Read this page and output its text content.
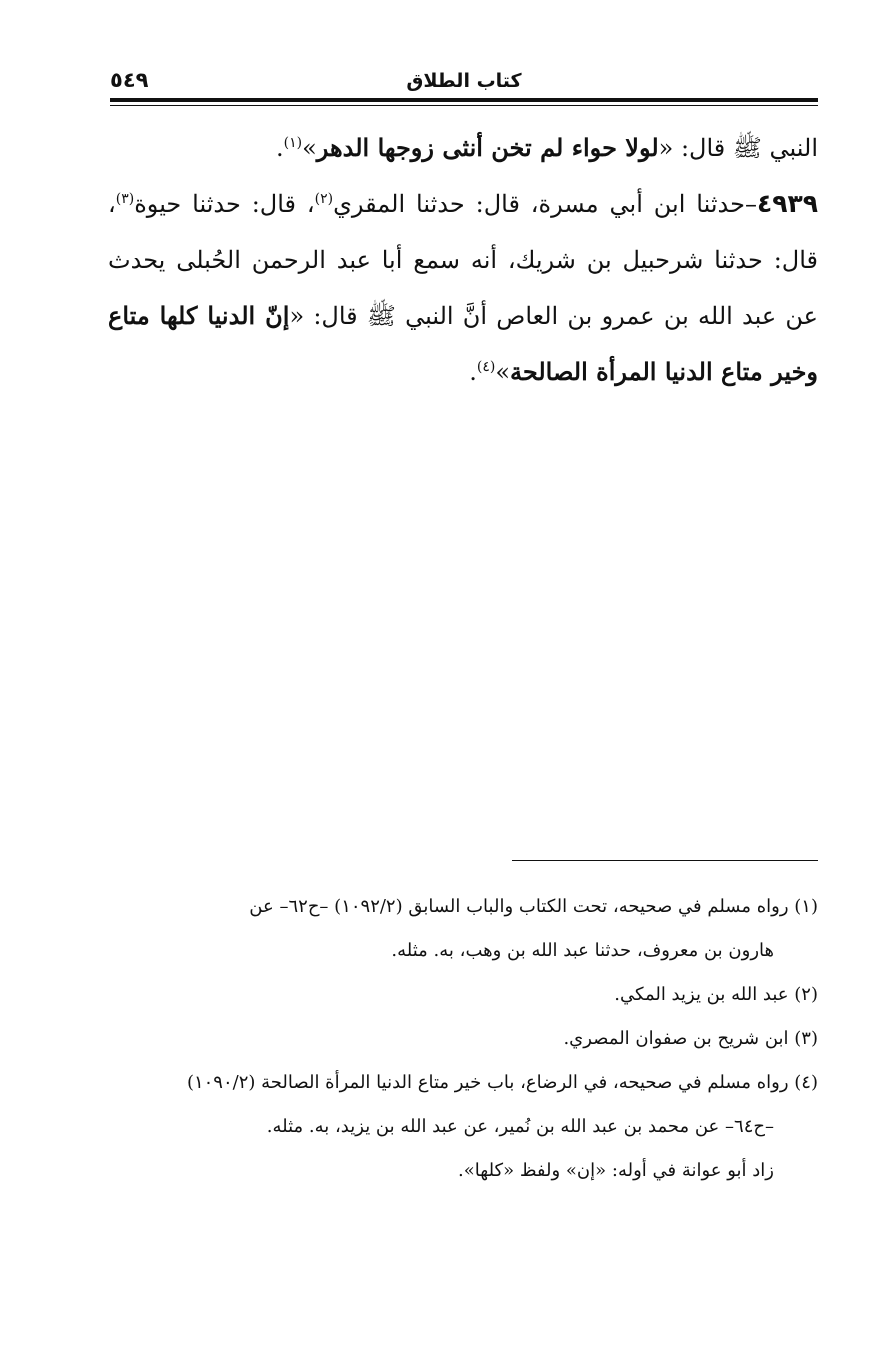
كتاب الطلاق
٥٤٩

النبي ﷺ قال: «لولا حواء لم تخن أنثى زوجها الدهر»$^{(١)}$.

٤٩٣٩–حدثنا ابن أبي مسرة، قال: حدثنا المقري$^{(٢)}$، قال: حدثنا حيوة$^{(٣)}$، قال: حدثنا شرحبيل بن شريك، أنه سمع أبا عبد الرحمن الحُبلى يحدث عن عبد الله بن عمرو بن العاص أنَّ النبي ﷺ قال: «إنّ الدنيا كلها متاع وخير متاع الدنيا المرأة الصالحة»$^{(٤)}$.

(١) رواه مسلم في صحيحه، تحت الكتاب والباب السابق (١٠٩٢/٢) –ح٦٢– عن
هارون بن معروف، حدثنا عبد الله بن وهب، به. مثله.

(٢) عبد الله بن يزيد المكي.

(٣) ابن شريح بن صفوان المصري.

(٤) رواه مسلم في صحيحه، في الرضاع، باب خير متاع الدنيا المرأة الصالحة (١٠٩٠/٢)
–ح٦٤– عن محمد بن عبد الله بن نُمير، عن عبد الله بن يزيد، به. مثله.
زاد أبو عوانة في أوله: «إن» ولفظ «كلها».
